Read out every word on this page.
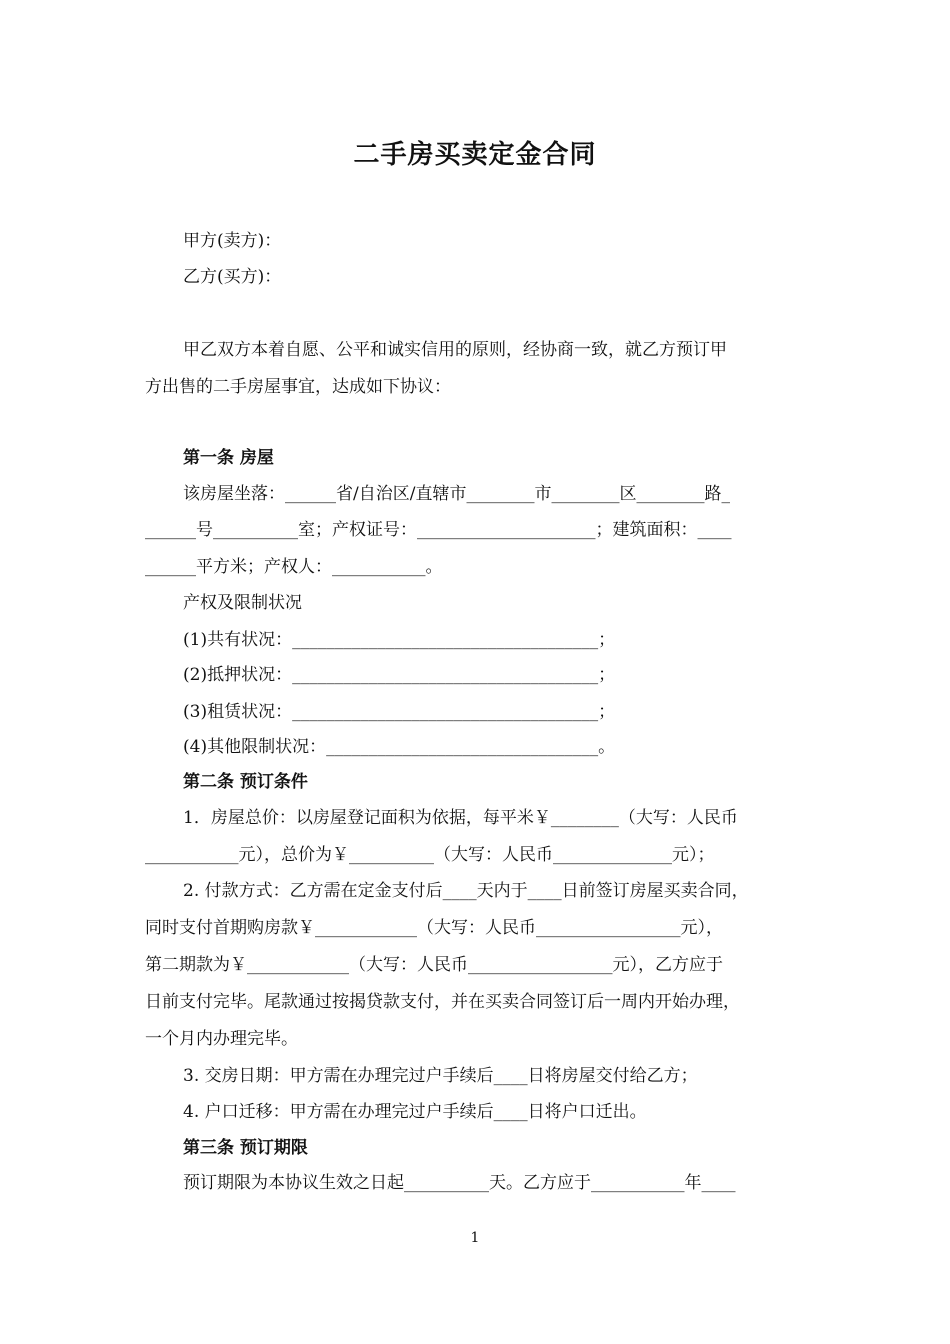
二手房买卖定金合同
甲方(卖方)：
乙方(买方)：
甲乙双方本着自愿、公平和诚实信用的原则，经协商一致，就乙方预订甲
方出售的二手房屋事宜，达成如下协议：
第一条 房屋
该房屋坐落：______省/自治区/直辖市________市________区________路_
______号__________室；产权证号：_____________________；建筑面积：____
______平方米；产权人：___________。
产权及限制状况
(1)共有状况：____________________________________；
(2)抵押状况：____________________________________；
(3)租赁状况：____________________________________；
(4)其他限制状况：________________________________。
第二条 预订条件
1．房屋总价：以房屋登记面积为依据，每平米￥________（大写：人民币
___________元），总价为￥__________（大写：人民币______________元）；
2. 付款方式：乙方需在定金支付后____天内于____日前签订房屋买卖合同，
同时支付首期购房款￥____________（大写：人民币_________________元），
第二期款为￥____________（大写：人民币_________________元），乙方应于
日前支付完毕。尾款通过按揭贷款支付，并在买卖合同签订后一周内开始办理，
一个月内办理完毕。
3. 交房日期：甲方需在办理完过户手续后____日将房屋交付给乙方；
4. 户口迁移：甲方需在办理完过户手续后____日将户口迁出。
第三条 预订期限
预订期限为本协议生效之日起__________天。乙方应于___________年____
1
